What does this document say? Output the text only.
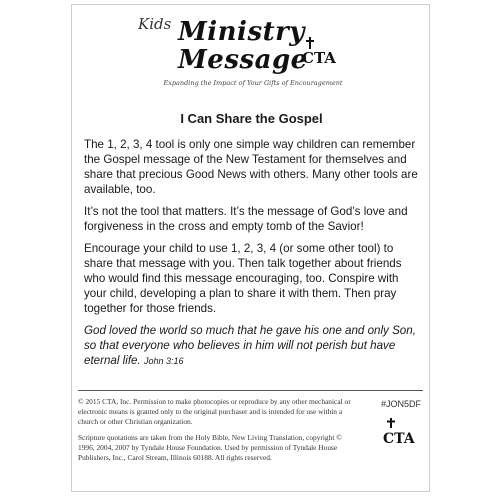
Kids Ministry
Message
CTA
Expanding the Impact of Your Gifts of Encouragement
I Can Share the Gospel

The 1, 2, 3, 4 tool is only one simple way children can remember the Gospel message of the New Testament for themselves and share that precious Good News with others. Many other tools are available, too.

It’s not the tool that matters. It’s the message of God’s love and forgiveness in the cross and empty tomb of the Savior!

Encourage your child to use 1, 2, 3, 4 (or some other tool) to share that message with you. Then talk together about friends who would find this message encouraging, too. Conspire with your child, developing a plan to share it with them. Then pray together for those friends.

God loved the world so much that he gave his one and only Son, so that everyone who believes in him will not perish but have eternal life. John 3:16

© 2015 CTA, Inc. Permission to make photocopies or reproduce by any other mechanical or electronic means is granted only to the original purchaser and is intended for use within a church or other Christian organization.

Scripture quotations are taken from the Holy Bible, New Living Translation, copyright © 1996, 2004, 2007 by Tyndale House Foundation. Used by permission of Tyndale House Publishers, Inc., Carol Stream, Illinois 60188. All rights reserved.

#JON5DF
CTA
